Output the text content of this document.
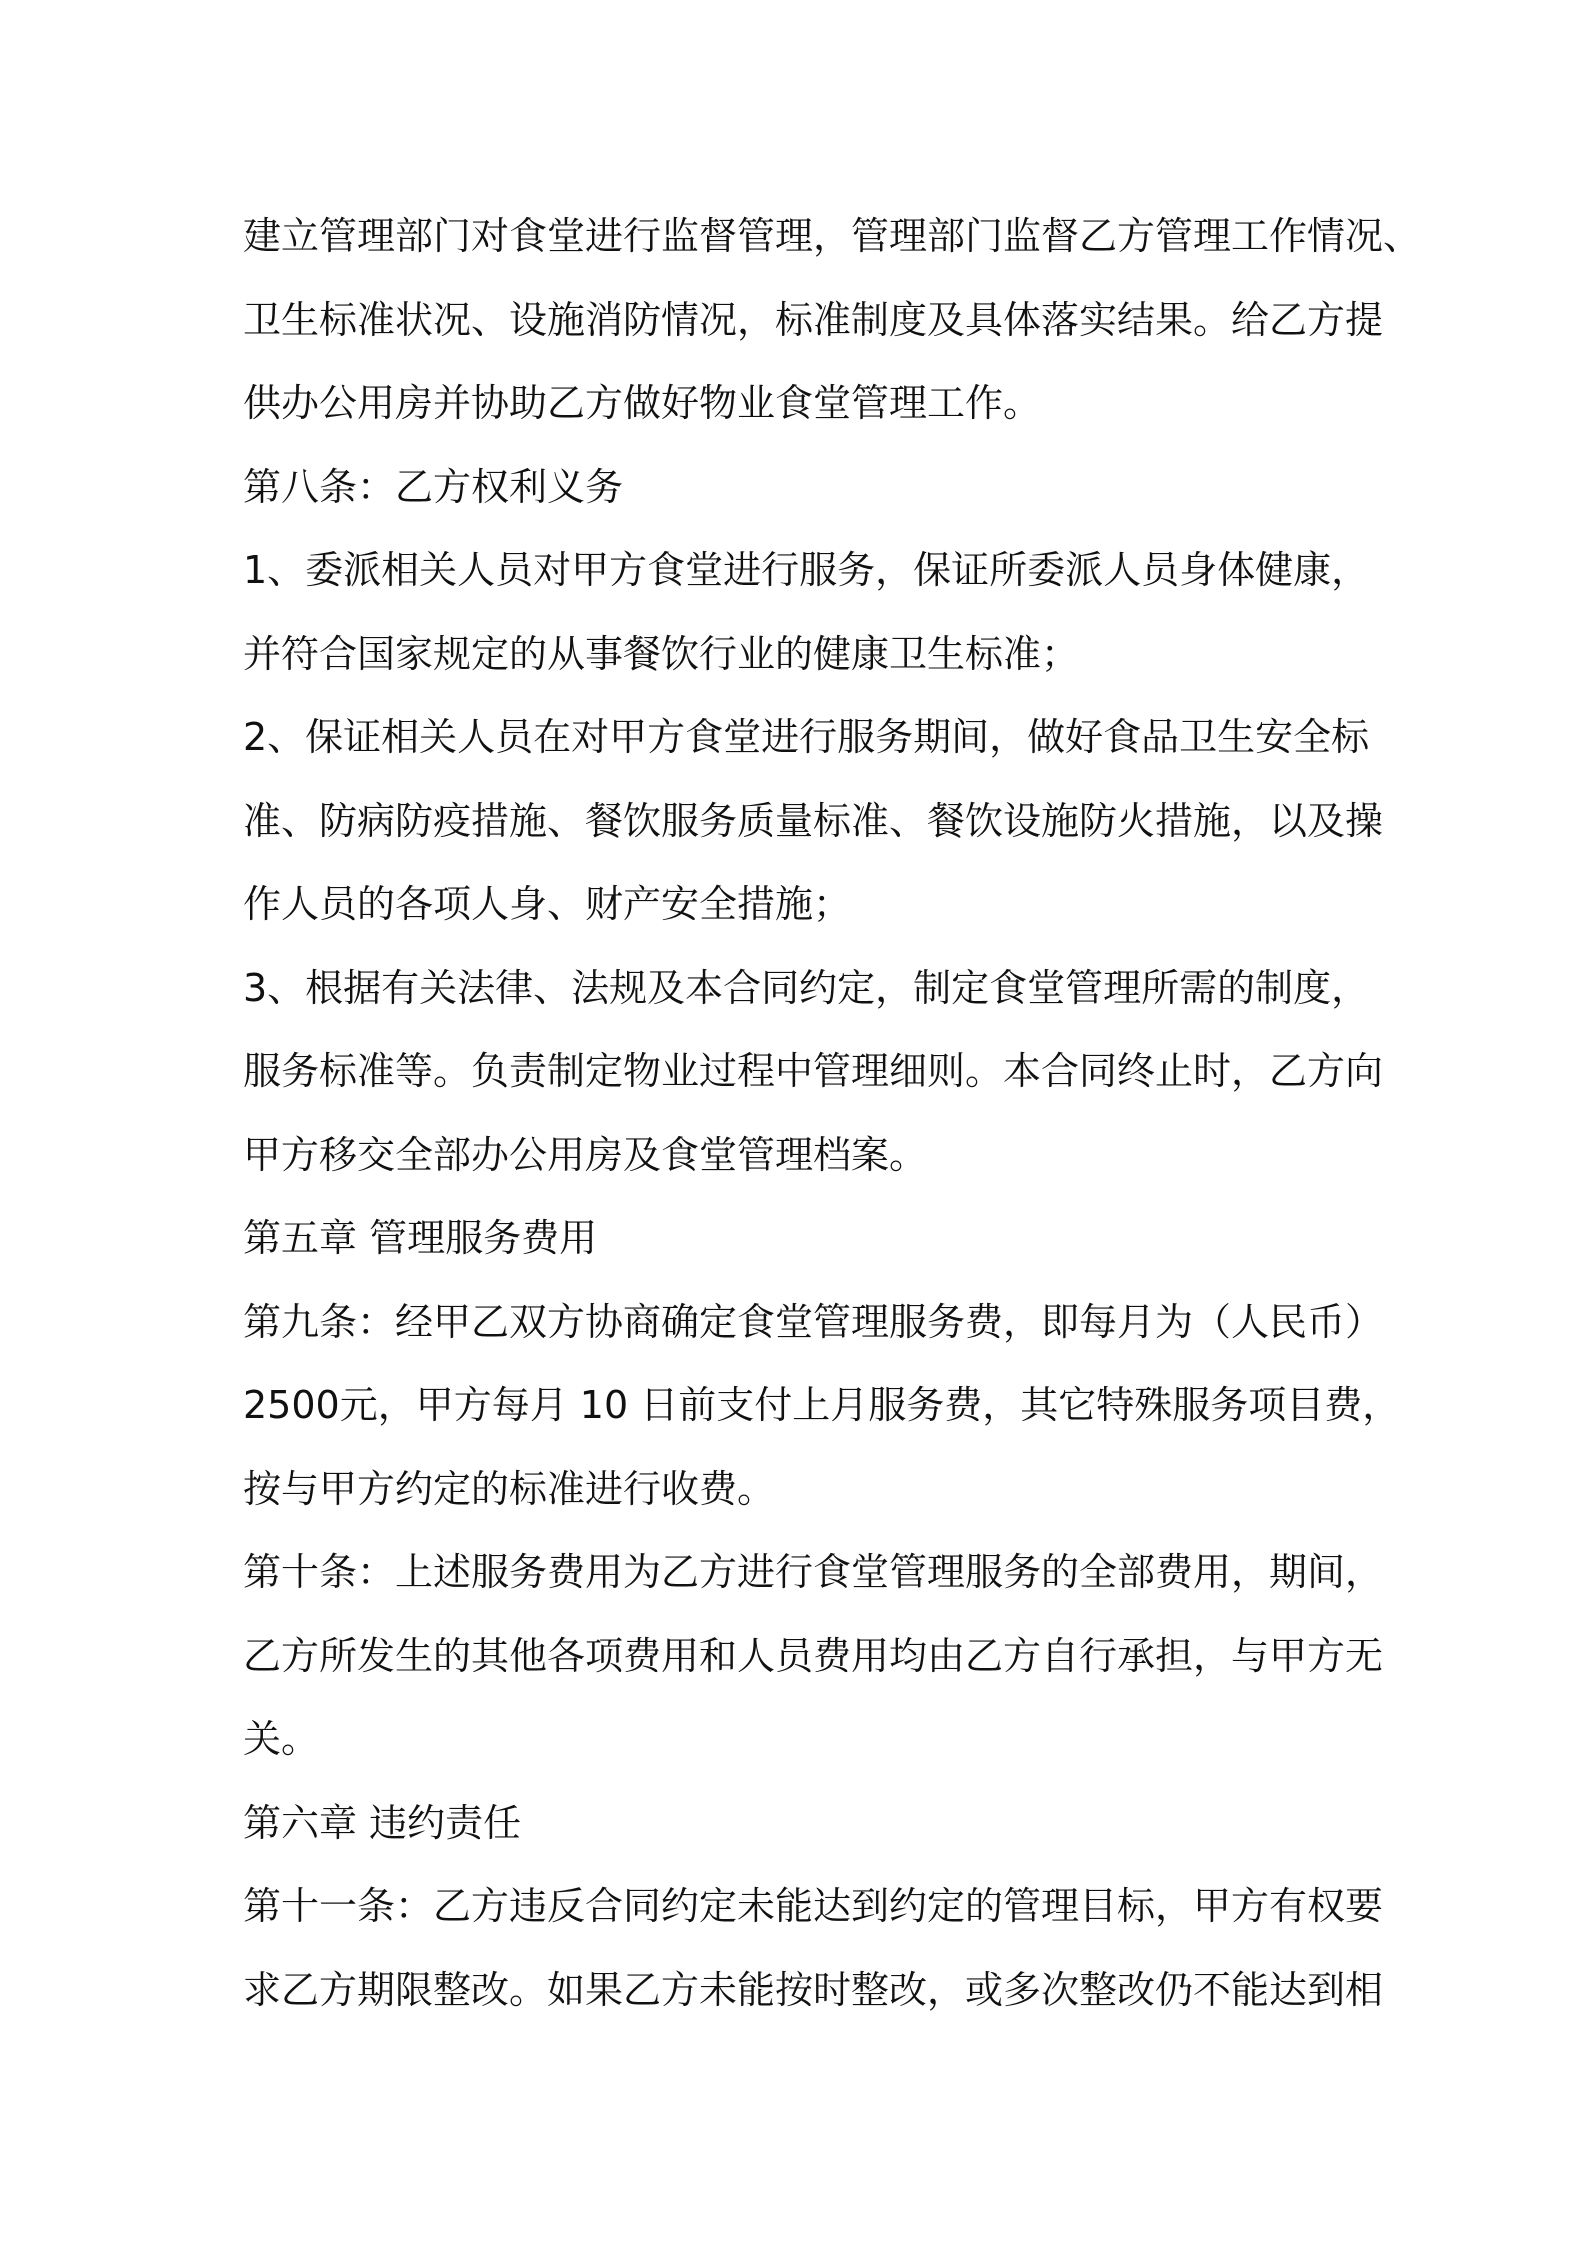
建立管理部门对食堂进行监督管理，管理部门监督乙方管理工作情况、
卫生标准状况、设施消防情况，标准制度及具体落实结果。给乙方提
供办公用房并协助乙方做好物业食堂管理工作。
第八条：乙方权利义务
1、委派相关人员对甲方食堂进行服务，保证所委派人员身体健康，
并符合国家规定的从事餐饮行业的健康卫生标准；
2、保证相关人员在对甲方食堂进行服务期间，做好食品卫生安全标
准、防病防疫措施、餐饮服务质量标准、餐饮设施防火措施，以及操
作人员的各项人身、财产安全措施；
3、根据有关法律、法规及本合同约定，制定食堂管理所需的制度，
服务标准等。负责制定物业过程中管理细则。本合同终止时，乙方向
甲方移交全部办公用房及食堂管理档案。
第五章 管理服务费用
第九条：经甲乙双方协商确定食堂管理服务费，即每月为（人民币）
2500元，甲方每月 10 日前支付上月服务费，其它特殊服务项目费，
按与甲方约定的标准进行收费。
第十条：上述服务费用为乙方进行食堂管理服务的全部费用，期间，
乙方所发生的其他各项费用和人员费用均由乙方自行承担，与甲方无
关。
第六章 违约责任
第十一条：乙方违反合同约定未能达到约定的管理目标，甲方有权要
求乙方期限整改。如果乙方未能按时整改，或多次整改仍不能达到相
